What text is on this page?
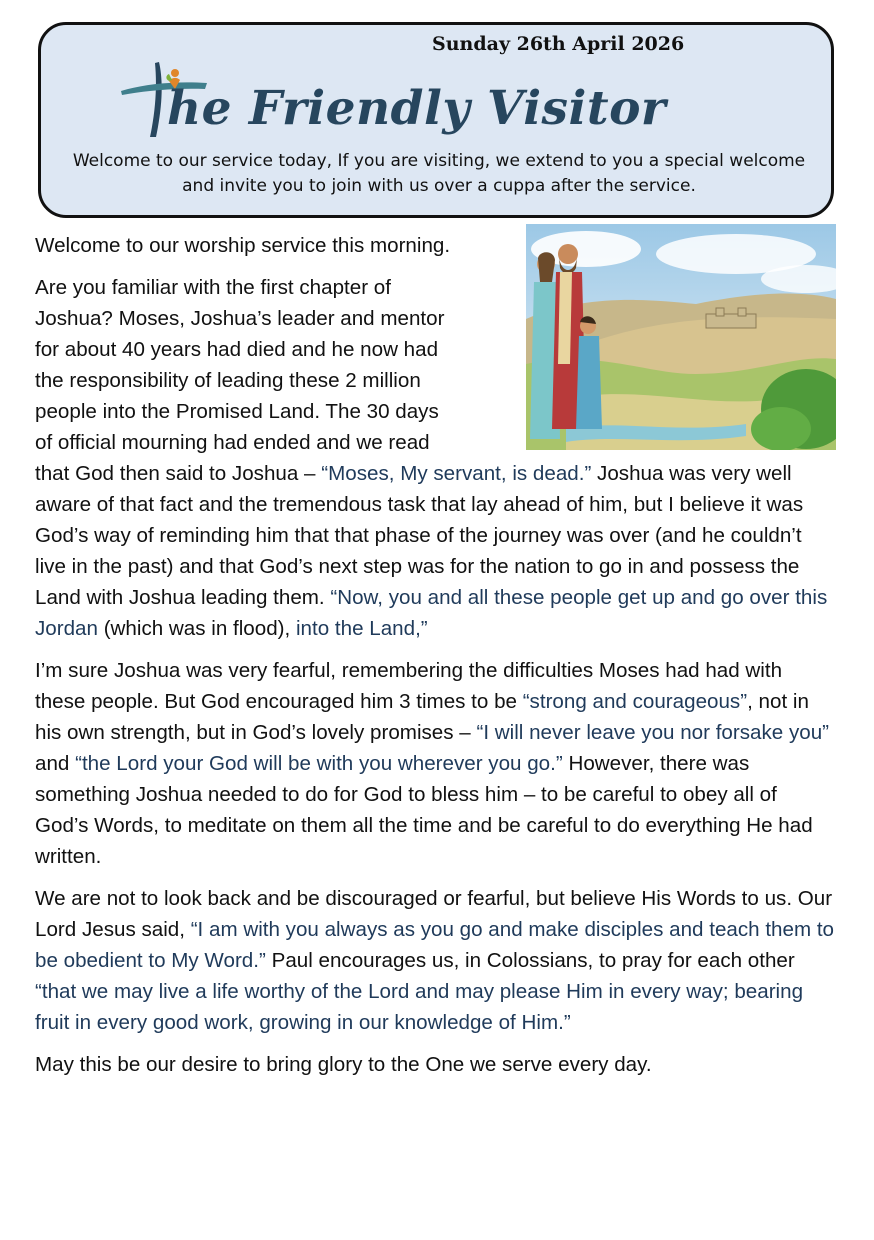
Sunday 26th April 2026
he Friendly Visitor
Welcome to our service today, If you are visiting, we extend to you a special welcome and invite you to join with us over a cuppa after the service.

Welcome to our worship service this morning.

Are you familiar with the first chapter of
Joshua? Moses, Joshua’s leader and mentor
for about 40 years had died and he now had
the responsibility of leading these 2 million
people into the Promised Land. The 30 days
of official mourning had ended and we read
that God then said to Joshua – “Moses, My servant, is dead.” Joshua was very well aware of that fact and the tremendous task that lay ahead of him, but I believe it was God’s way of reminding him that that phase of the journey was over (and he couldn’t live in the past) and that God’s next step was for the nation to go in and possess the Land with Joshua leading them. “Now, you and all these people get up and go over this Jordan (which was in flood), into the Land,”

I’m sure Joshua was very fearful, remembering the difficulties Moses had had with these people. But God encouraged him 3 times to be “strong and courageous”, not in his own strength, but in God’s lovely promises – “I will never leave you nor forsake you” and “the Lord your God will be with you wherever you go.” However, there was something Joshua needed to do for God to bless him – to be careful to obey all of God’s Words, to meditate on them all the time and be careful to do everything He had written.

We are not to look back and be discouraged or fearful, but believe His Words to us. Our Lord Jesus said, “I am with you always as you go and make disciples and teach them to be obedient to My Word.” Paul encourages us, in Colossians, to pray for each other “that we may live a life worthy of the Lord and may please Him in every way; bearing fruit in every good work, growing in our knowledge of Him.”

May this be our desire to bring glory to the One we serve every day.
